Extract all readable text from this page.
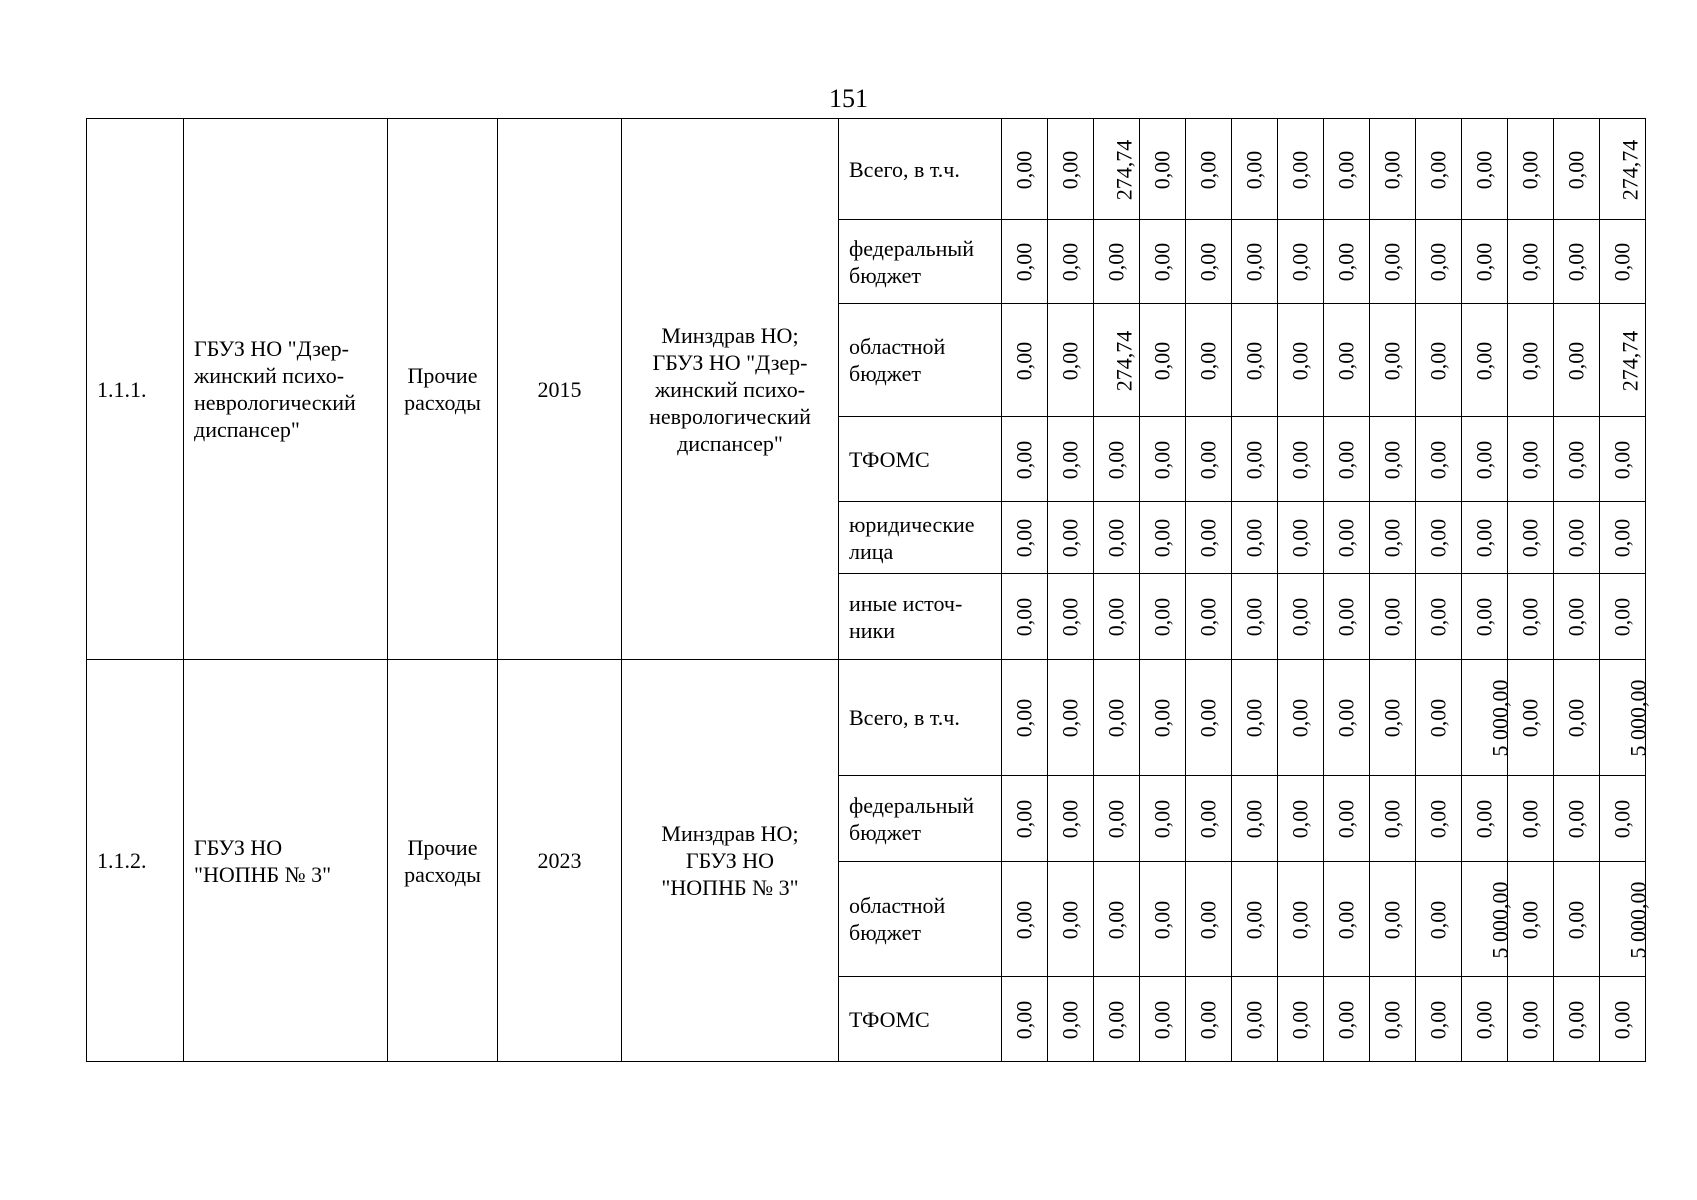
151
1.1.1.	ГБУЗ НО "Дзер-
жинский психо-
неврологический
диспансер"	Прочие
расходы	2015	Минздрав НО;
ГБУЗ НО "Дзер-
жинский психо-
неврологический
диспансер"	Всего, в т.ч.	0,00	0,00	274,74	0,00	0,00	0,00	0,00	0,00	0,00	0,00	0,00	0,00	0,00	274,74
					федеральный
бюджет	0,00	0,00	0,00	0,00	0,00	0,00	0,00	0,00	0,00	0,00	0,00	0,00	0,00	0,00
					областной
бюджет	0,00	0,00	274,74	0,00	0,00	0,00	0,00	0,00	0,00	0,00	0,00	0,00	0,00	274,74
					ТФОМС	0,00	0,00	0,00	0,00	0,00	0,00	0,00	0,00	0,00	0,00	0,00	0,00	0,00	0,00
					юридические
лица	0,00	0,00	0,00	0,00	0,00	0,00	0,00	0,00	0,00	0,00	0,00	0,00	0,00	0,00
					иные источ-
ники	0,00	0,00	0,00	0,00	0,00	0,00	0,00	0,00	0,00	0,00	0,00	0,00	0,00	0,00
1.1.2.	ГБУЗ НО
"НОПНБ № 3"	Прочие
расходы	2023	Минздрав НО;
ГБУЗ НО
"НОПНБ № 3"	Всего, в т.ч.	0,00	0,00	0,00	0,00	0,00	0,00	0,00	0,00	0,00	0,00	5 000,00	0,00	0,00	5 000,00
					федеральный
бюджет	0,00	0,00	0,00	0,00	0,00	0,00	0,00	0,00	0,00	0,00	0,00	0,00	0,00	0,00
					областной
бюджет	0,00	0,00	0,00	0,00	0,00	0,00	0,00	0,00	0,00	0,00	5 000,00	0,00	0,00	5 000,00
					ТФОМС	0,00	0,00	0,00	0,00	0,00	0,00	0,00	0,00	0,00	0,00	0,00	0,00	0,00	0,00
